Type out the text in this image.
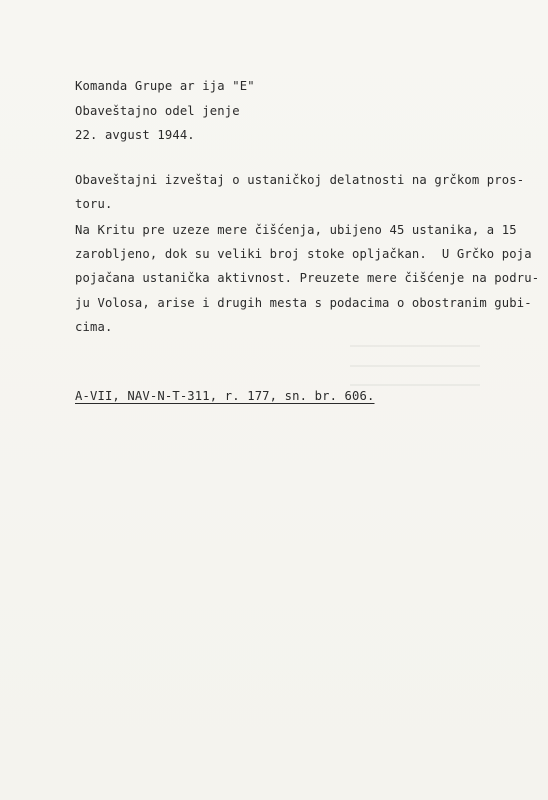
Komanda Grupe ar ija "E"
Obaveštajno odel jenje
22. avgust 1944.
Obaveštajni izveštaj o ustaničkoj delatnosti na grčkom pros-
toru.
Na Kritu pre uzeze mere čišćenja, ubijeno 45 ustanika, a 15
zarobljeno, dok su veliki broj stoke opljačkan.  U Grčko poja
pojačana ustanička aktivnost. Preuzete mere čišćenje na podru-
ju Volosa, arise i drugih mesta s podacima o obostranim gubi-
cima.
A-VII, NAV-N-T-311, r. 177, sn. br. 606.
